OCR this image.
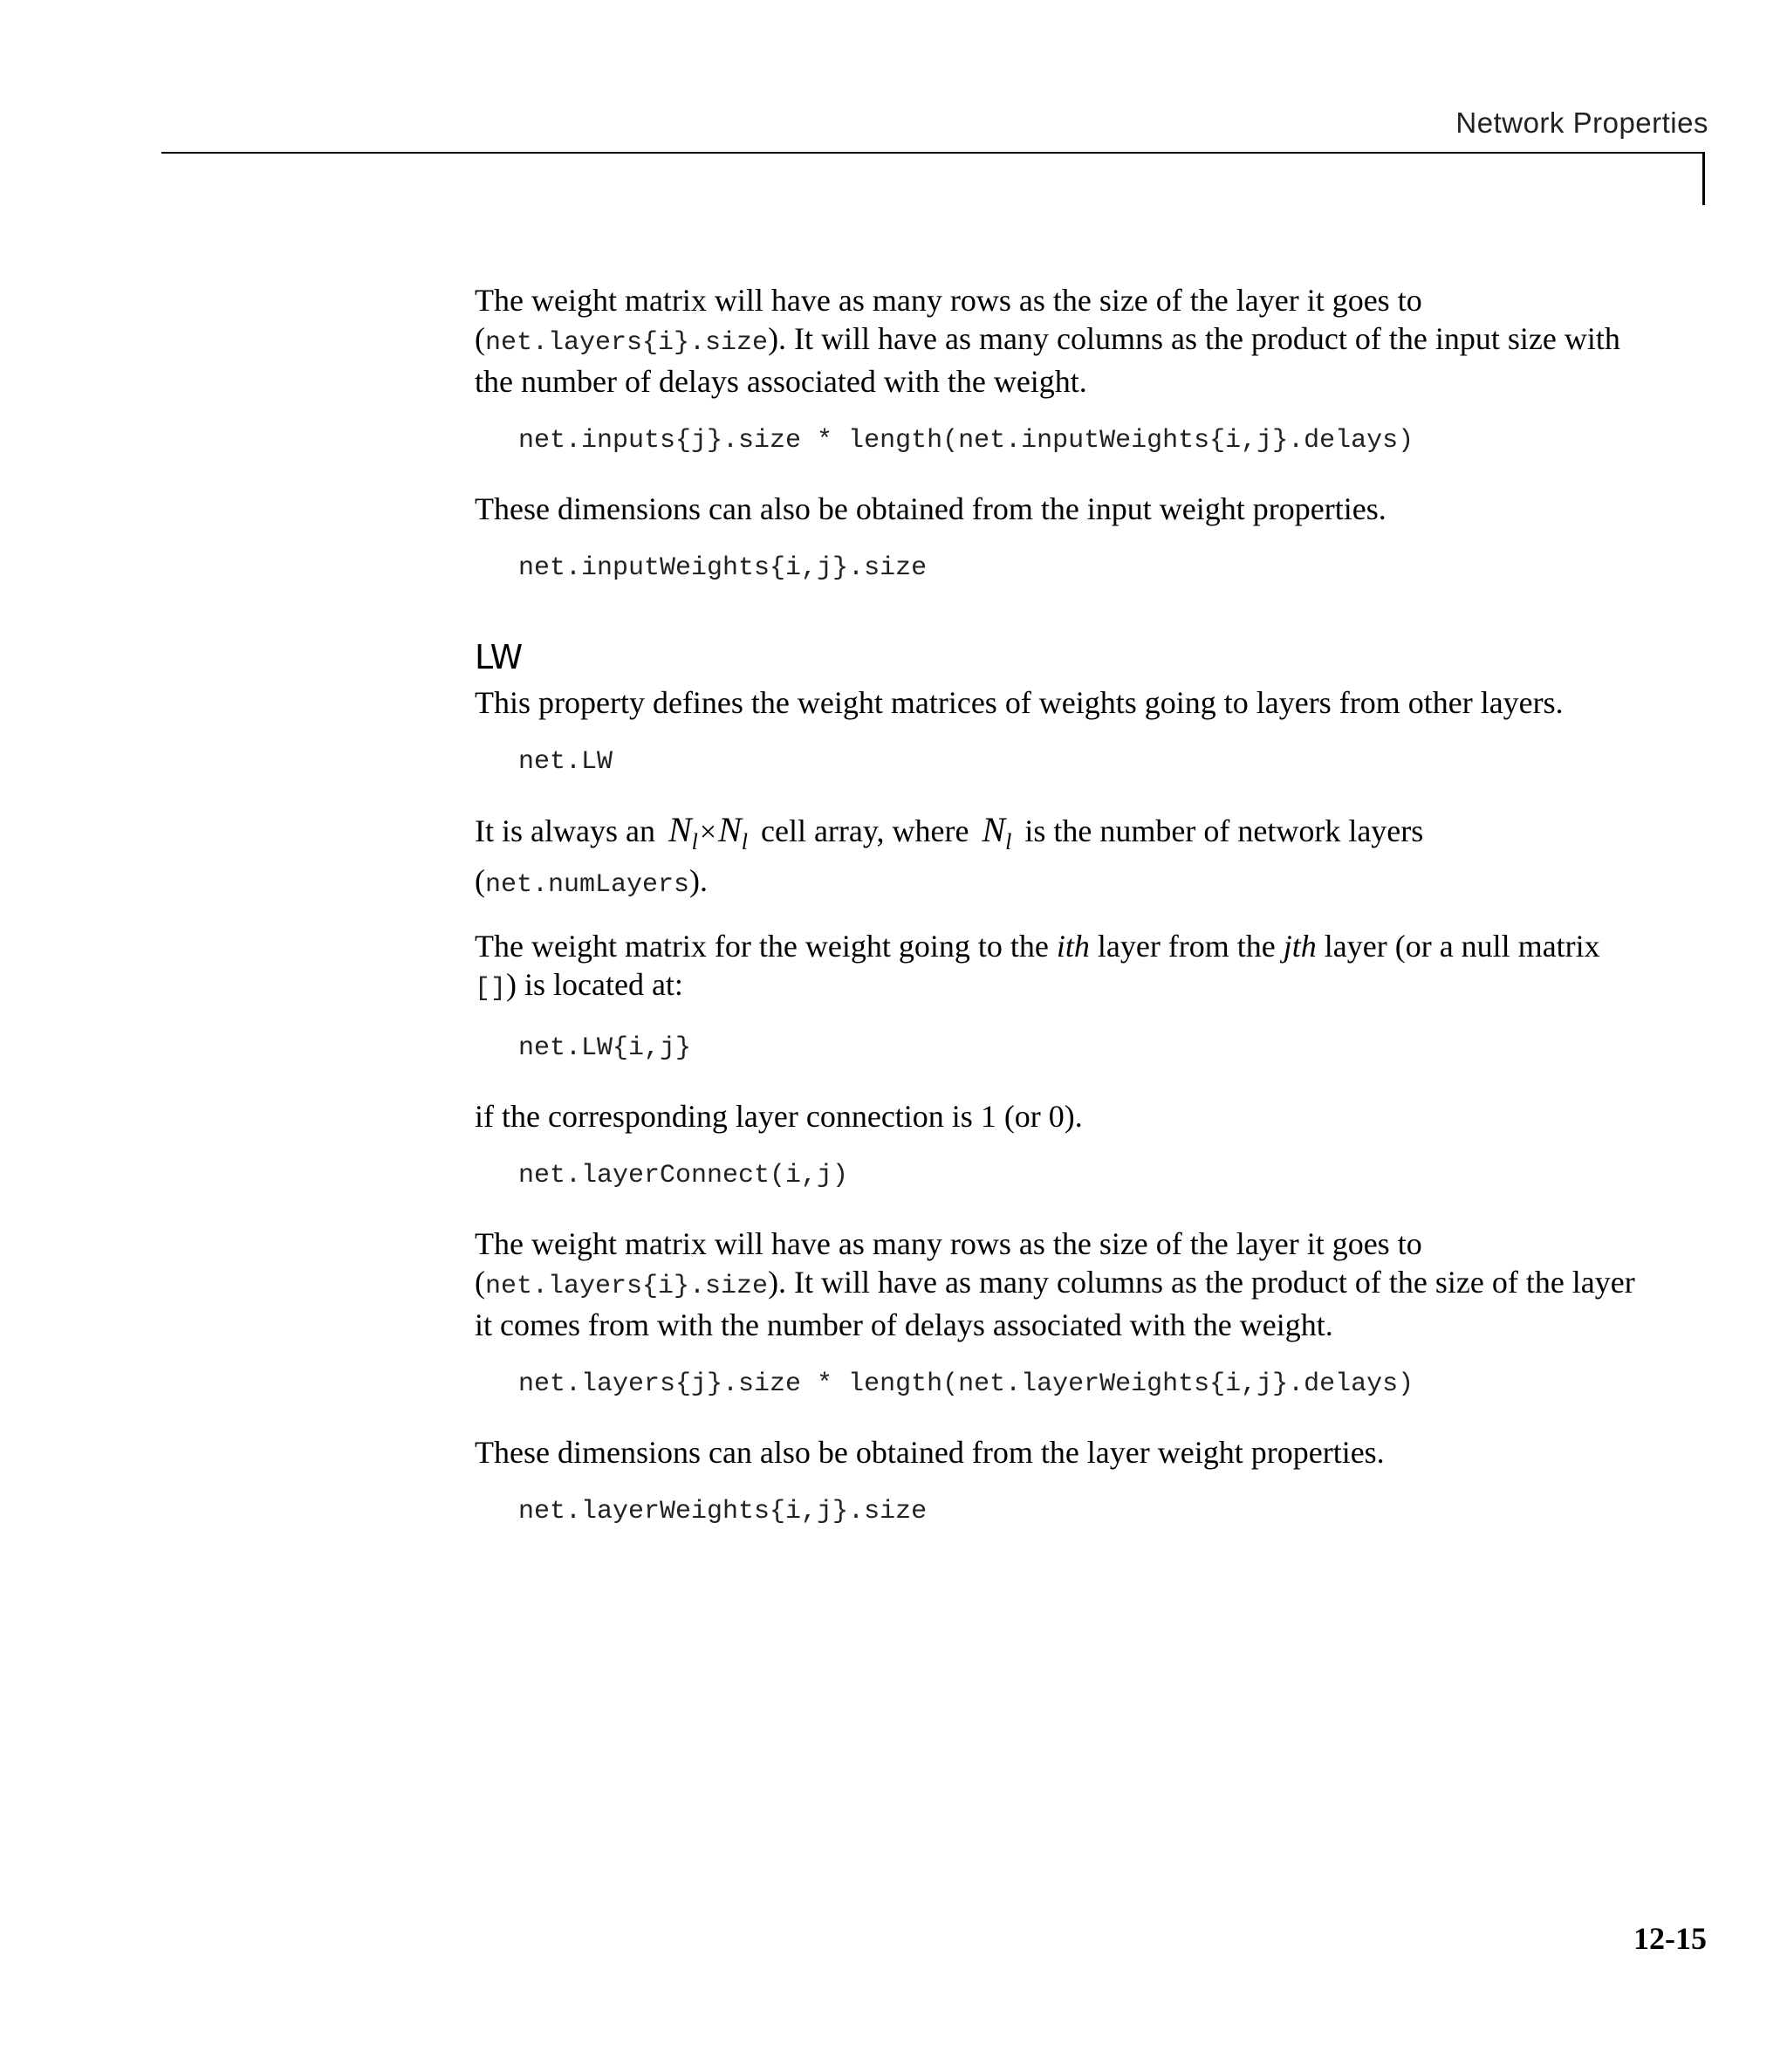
Network Properties

The weight matrix will have as many rows as the size of the layer it goes to (net.layers{i}.size). It will have as many columns as the product of the input size with the number of delays associated with the weight.

net.inputs{j}.size * length(net.inputWeights{i,j}.delays)

These dimensions can also be obtained from the input weight properties.

net.inputWeights{i,j}.size
LW

This property defines the weight matrices of weights going to layers from other layers.

net.LW

It is always an $N_l\times N_l$ cell array, where $N_l$ is the number of network layers (net.numLayers).

The weight matrix for the weight going to the ith layer from the jth layer (or a null matrix []) is located at:

net.LW{i,j}

if the corresponding layer connection is 1 (or 0).

net.layerConnect(i,j)

The weight matrix will have as many rows as the size of the layer it goes to (net.layers{i}.size). It will have as many columns as the product of the size of the layer it comes from with the number of delays associated with the weight.

net.layers{j}.size * length(net.layerWeights{i,j}.delays)

These dimensions can also be obtained from the layer weight properties.

net.layerWeights{i,j}.size
12-15
